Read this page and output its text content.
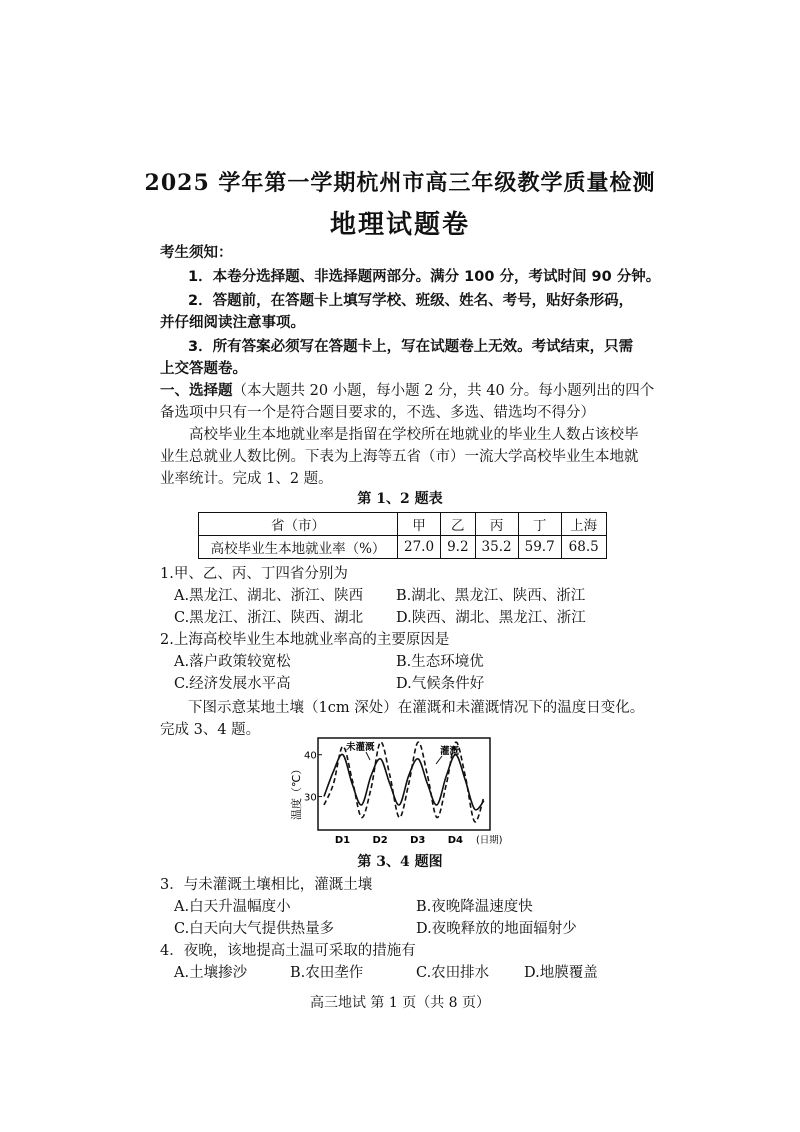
2025 学年第一学期杭州市高三年级教学质量检测
地理试题卷
考生须知：
1．本卷分选择题、非选择题两部分。满分 100 分，考试时间 90 分钟。
2．答题前，在答题卡上填写学校、班级、姓名、考号，贴好条形码，
并仔细阅读注意事项。
3．所有答案必须写在答题卡上，写在试题卷上无效。考试结束，只需
上交答题卷。
一、选择题（本大题共 20 小题，每小题 2 分，共 40 分。每小题列出的四个
备选项中只有一个是符合题目要求的，不选、多选、错选均不得分）
高校毕业生本地就业率是指留在学校所在地就业的毕业生人数占该校毕业生总就业人数比例。下表为上海等五省（市）一流大学高校毕业生本地就业率统计。完成 1、2 题。
第 1、2 题表
省（市）	甲	乙	丙	丁	上海
高校毕业生本地就业率（%）	27.0	9.2	35.2	59.7	68.5
1.甲、乙、丙、丁四省分别为
A.黑龙江、湖北、浙江、陕西 B.湖北、黑龙江、陕西、浙江
C.黑龙江、浙江、陕西、湖北 D.陕西、湖北、黑龙江、浙江
2.上海高校毕业生本地就业率高的主要原因是
A.落户政策较宽松	B.生态环境优
C.经济发展水平高	D.气候条件好
下图示意某地土壤（1cm 深处）在灌溉和未灌溉情况下的温度日变化。
完成 3、4 题。
温度（℃）
D1 D2 D3 D4
40
30
未灌溉	灌溉
(日期)
第 3、4 题图
3．与未灌溉土壤相比，灌溉土壤
A.白天升温幅度小	B.夜晚降温速度快
C.白天向大气提供热量多	D.夜晚释放的地面辐射少
4．夜晚，该地提高土温可采取的措施有
A.土壤掺沙	B.农田垄作	C.农田排水 D.地膜覆盖
高三地试 第 1 页（共 8 页）
